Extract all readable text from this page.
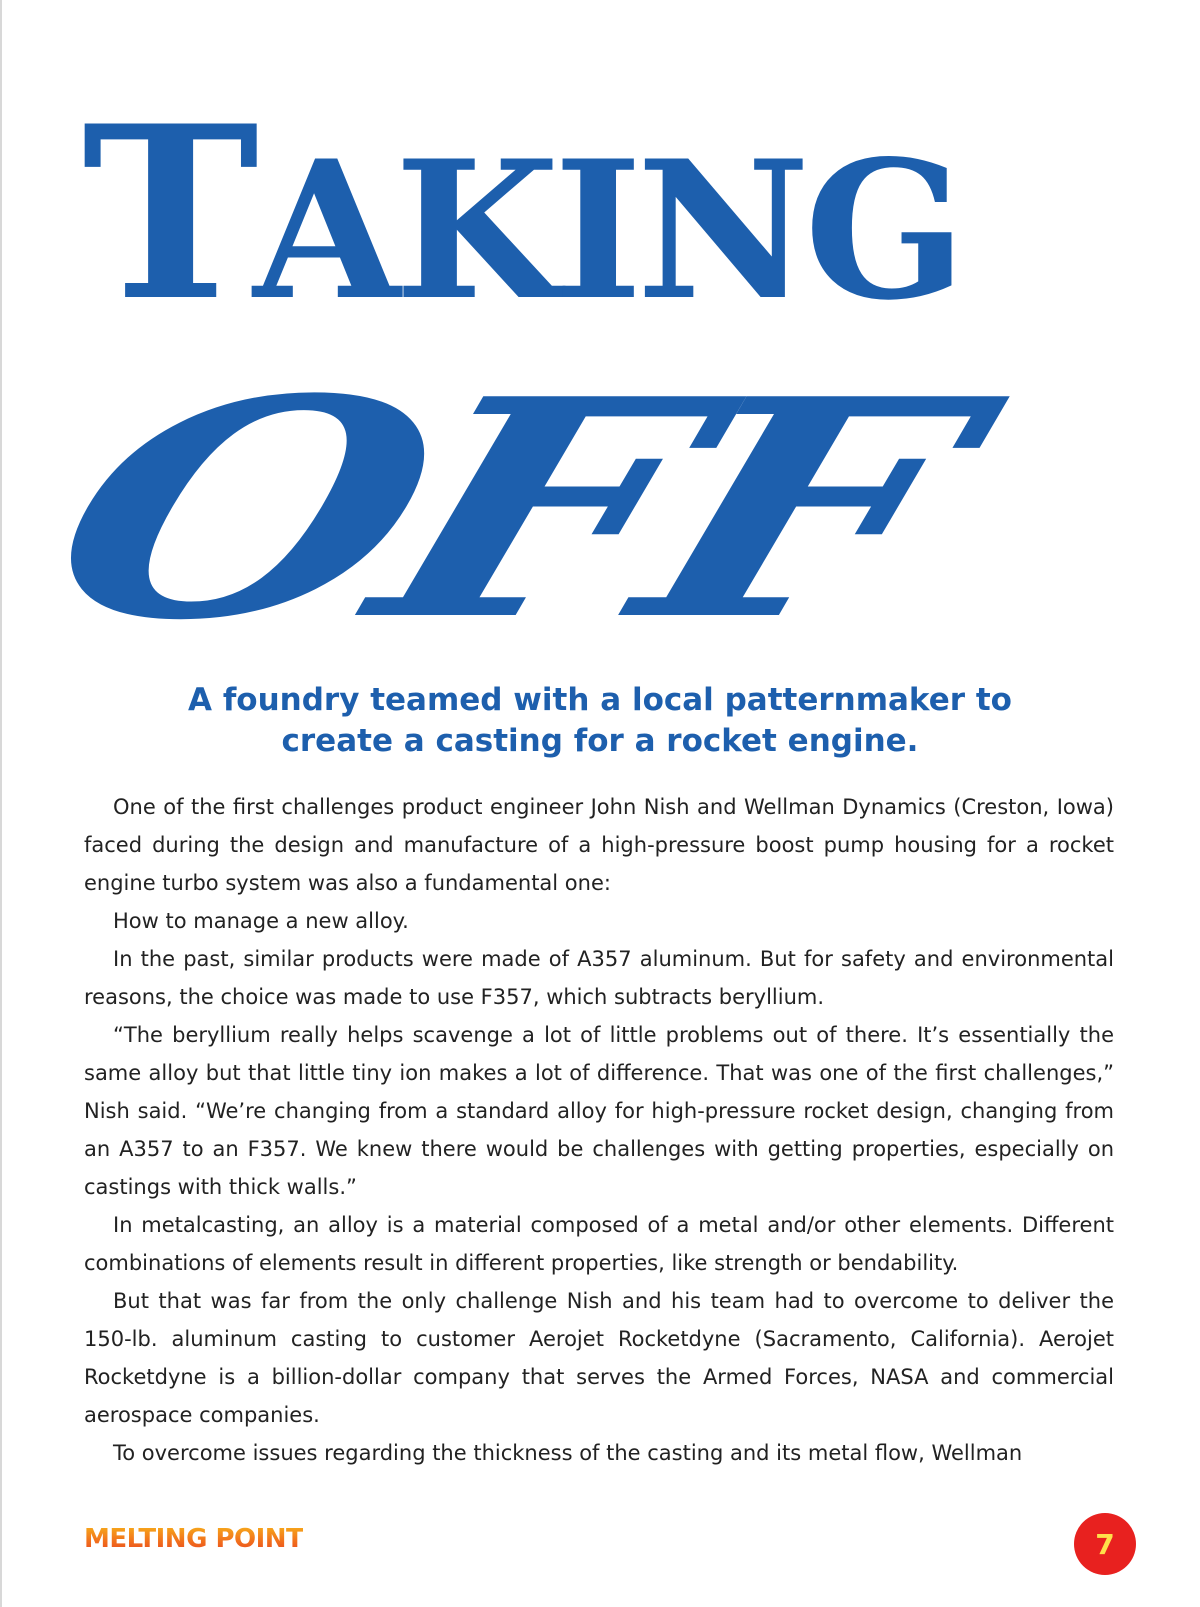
TAKING
OFF
A foundry teamed with a local patternmaker to
create a casting for a rocket engine.

One of the first challenges product engineer John Nish and Wellman Dynamics (Creston, Iowa) faced during the design and manufacture of a high-pressure boost pump housing for a rocket engine turbo system was also a fundamental one:

How to manage a new alloy.

In the past, similar products were made of A357 aluminum. But for safety and environmental reasons, the choice was made to use F357, which subtracts beryllium.

“The beryllium really helps scavenge a lot of little problems out of there. It’s essentially the same alloy but that little tiny ion makes a lot of difference. That was one of the first challenges,” Nish said. “We’re changing from a standard alloy for high-pressure rocket design, changing from an A357 to an F357. We knew there would be challenges with getting properties, especially on castings with thick walls.”

In metalcasting, an alloy is a material composed of a metal and/or other elements. Different combinations of elements result in different properties, like strength or bendability.

But that was far from the only challenge Nish and his team had to overcome to deliver the 150-lb. aluminum casting to customer Aerojet Rocketdyne (Sacramento, California). Aerojet Rocketdyne is a billion-dollar company that serves the Armed Forces, NASA and commercial aerospace companies.

To overcome issues regarding the thickness of the casting and its metal flow, Wellman

MELTING POINT	7
